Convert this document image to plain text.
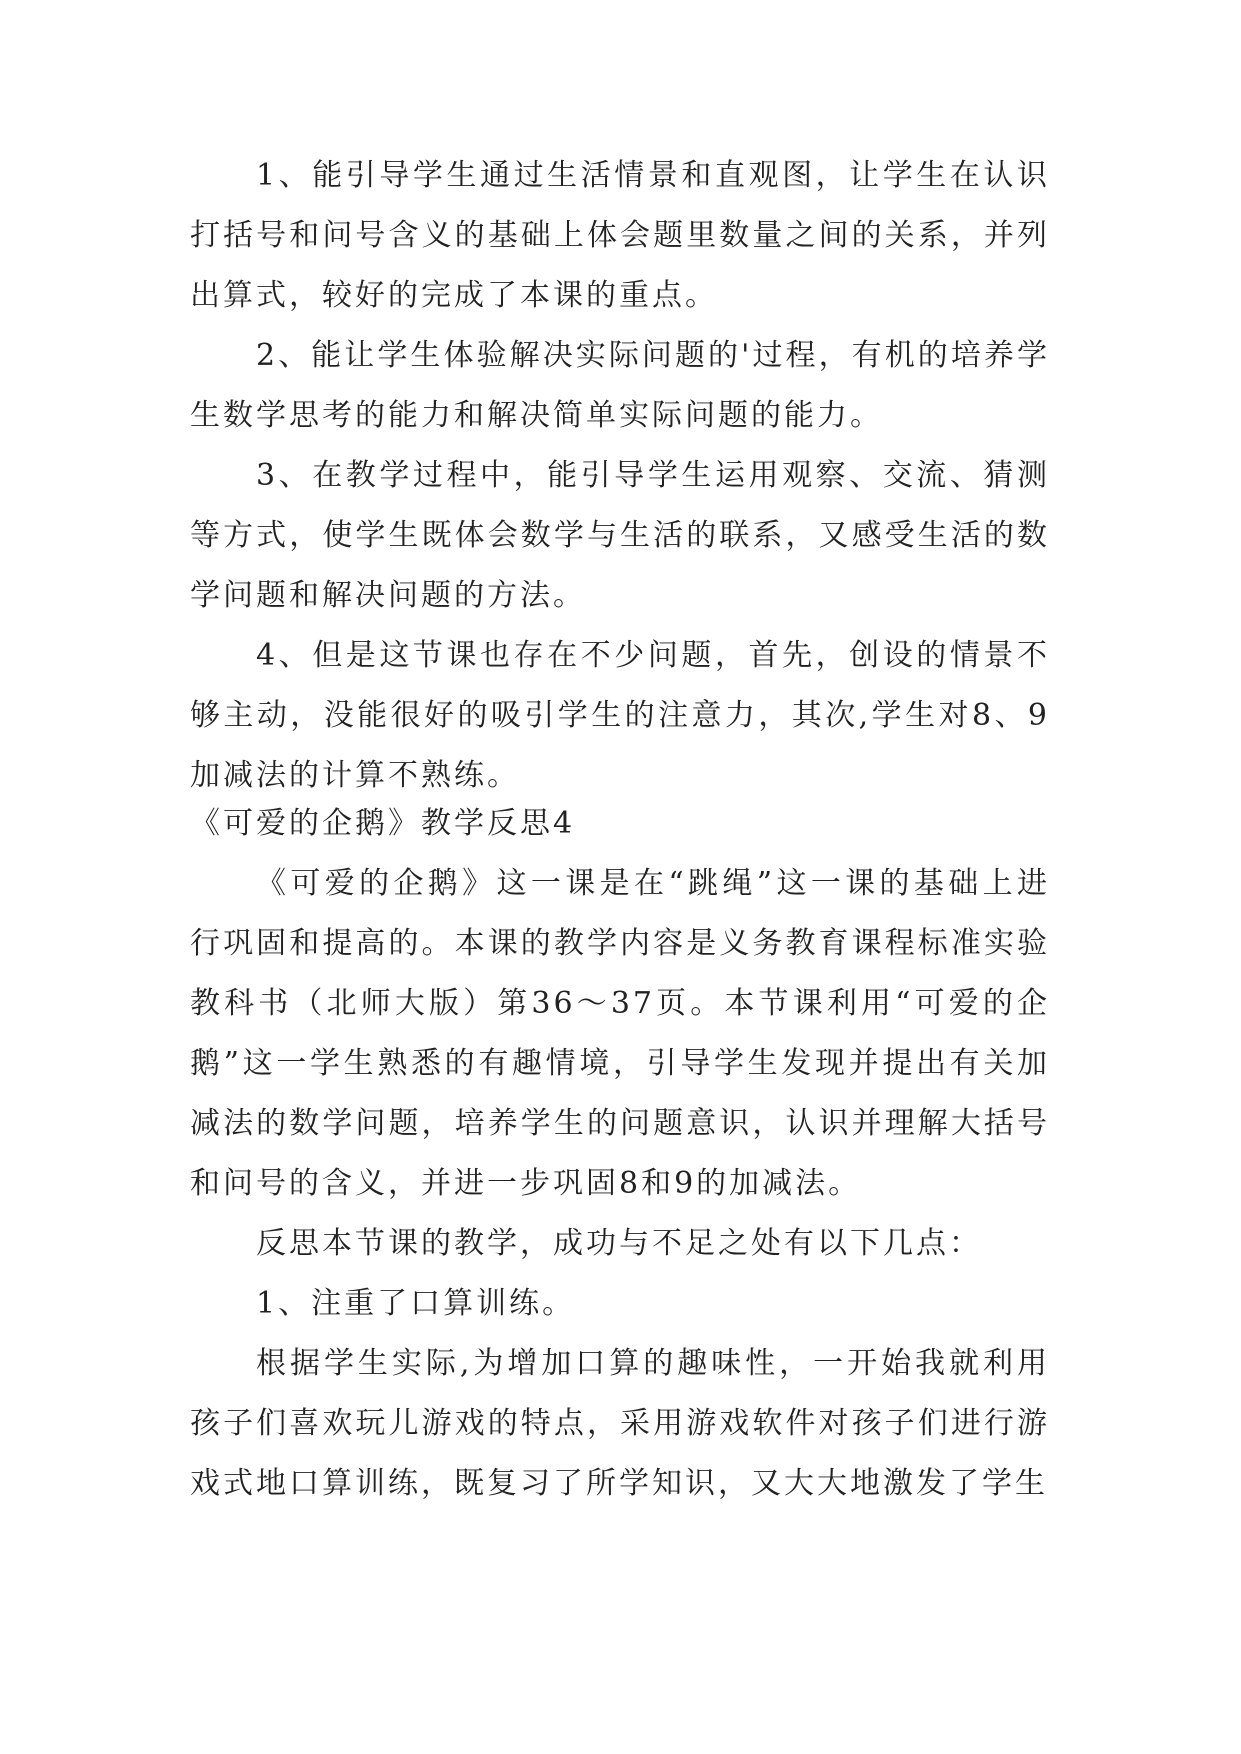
1、能引导学生通过生活情景和直观图，让学生在认识打括号和问号含义的基础上体会题里数量之间的关系，并列出算式，较好的完成了本课的重点。

2、能让学生体验解决实际问题的'过程，有机的培养学生数学思考的能力和解决简单实际问题的能力。

3、在教学过程中，能引导学生运用观察、交流、猜测等方式，使学生既体会数学与生活的联系，又感受生活的数学问题和解决问题的方法。

4、但是这节课也存在不少问题，首先，创设的情景不够主动，没能很好的吸引学生的注意力，其次,学生对8、9加减法的计算不熟练。

《可爱的企鹅》教学反思4

《可爱的企鹅》这一课是在“跳绳”这一课的基础上进行巩固和提高的。本课的教学内容是义务教育课程标准实验教科书（北师大版）第36～37页。本节课利用“可爱的企鹅”这一学生熟悉的有趣情境，引导学生发现并提出有关加减法的数学问题，培养学生的问题意识，认识并理解大括号和问号的含义，并进一步巩固8和9的加减法。

反思本节课的教学，成功与不足之处有以下几点：

1、注重了口算训练。

根据学生实际,为增加口算的趣味性，一开始我就利用孩子们喜欢玩儿游戏的特点，采用游戏软件对孩子们进行游戏式地口算训练，既复习了所学知识，又大大地激发了学生
